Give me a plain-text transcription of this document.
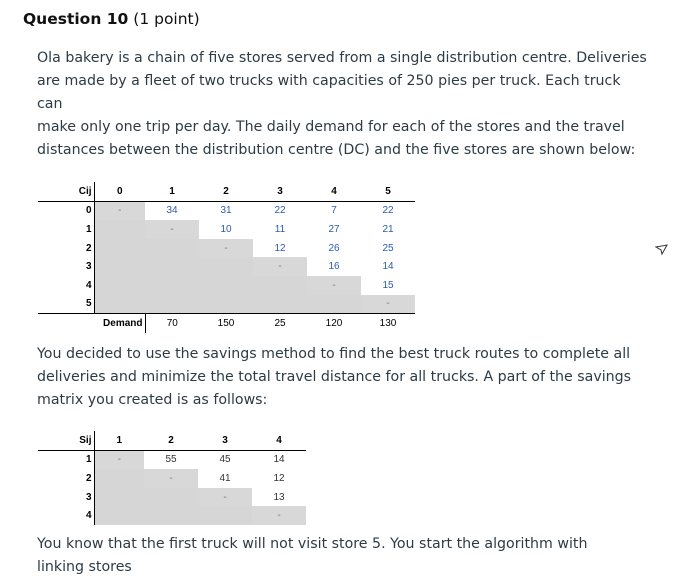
Question 10 (1 point)
Ola bakery is a chain of five stores served from a single distribution centre. Deliveries
are made by a fleet of two trucks with capacities of 250 pies per truck. Each truck
can
make only one trip per day. The daily demand for each of the stores and the travel
distances between the distribution centre (DC) and the five stores are shown below:
Cij	0	1	2	3	4	5
0	-	34	31	22	7	22
1		-	10	11	27	21
2			-	12	26	25
3				-	16	14
4					-	15
5						-
Demand		70	150	25	120	130
You decided to use the savings method to find the best truck routes to complete all
deliveries and minimize the total travel distance for all trucks. A part of the savings
matrix you created is as follows:
Sij	1	2	3	4
1	-	55	45	14
2		-	41	12
3			-	13
4				-
You know that the first truck will not visit store 5. You start the algorithm with
linking stores
